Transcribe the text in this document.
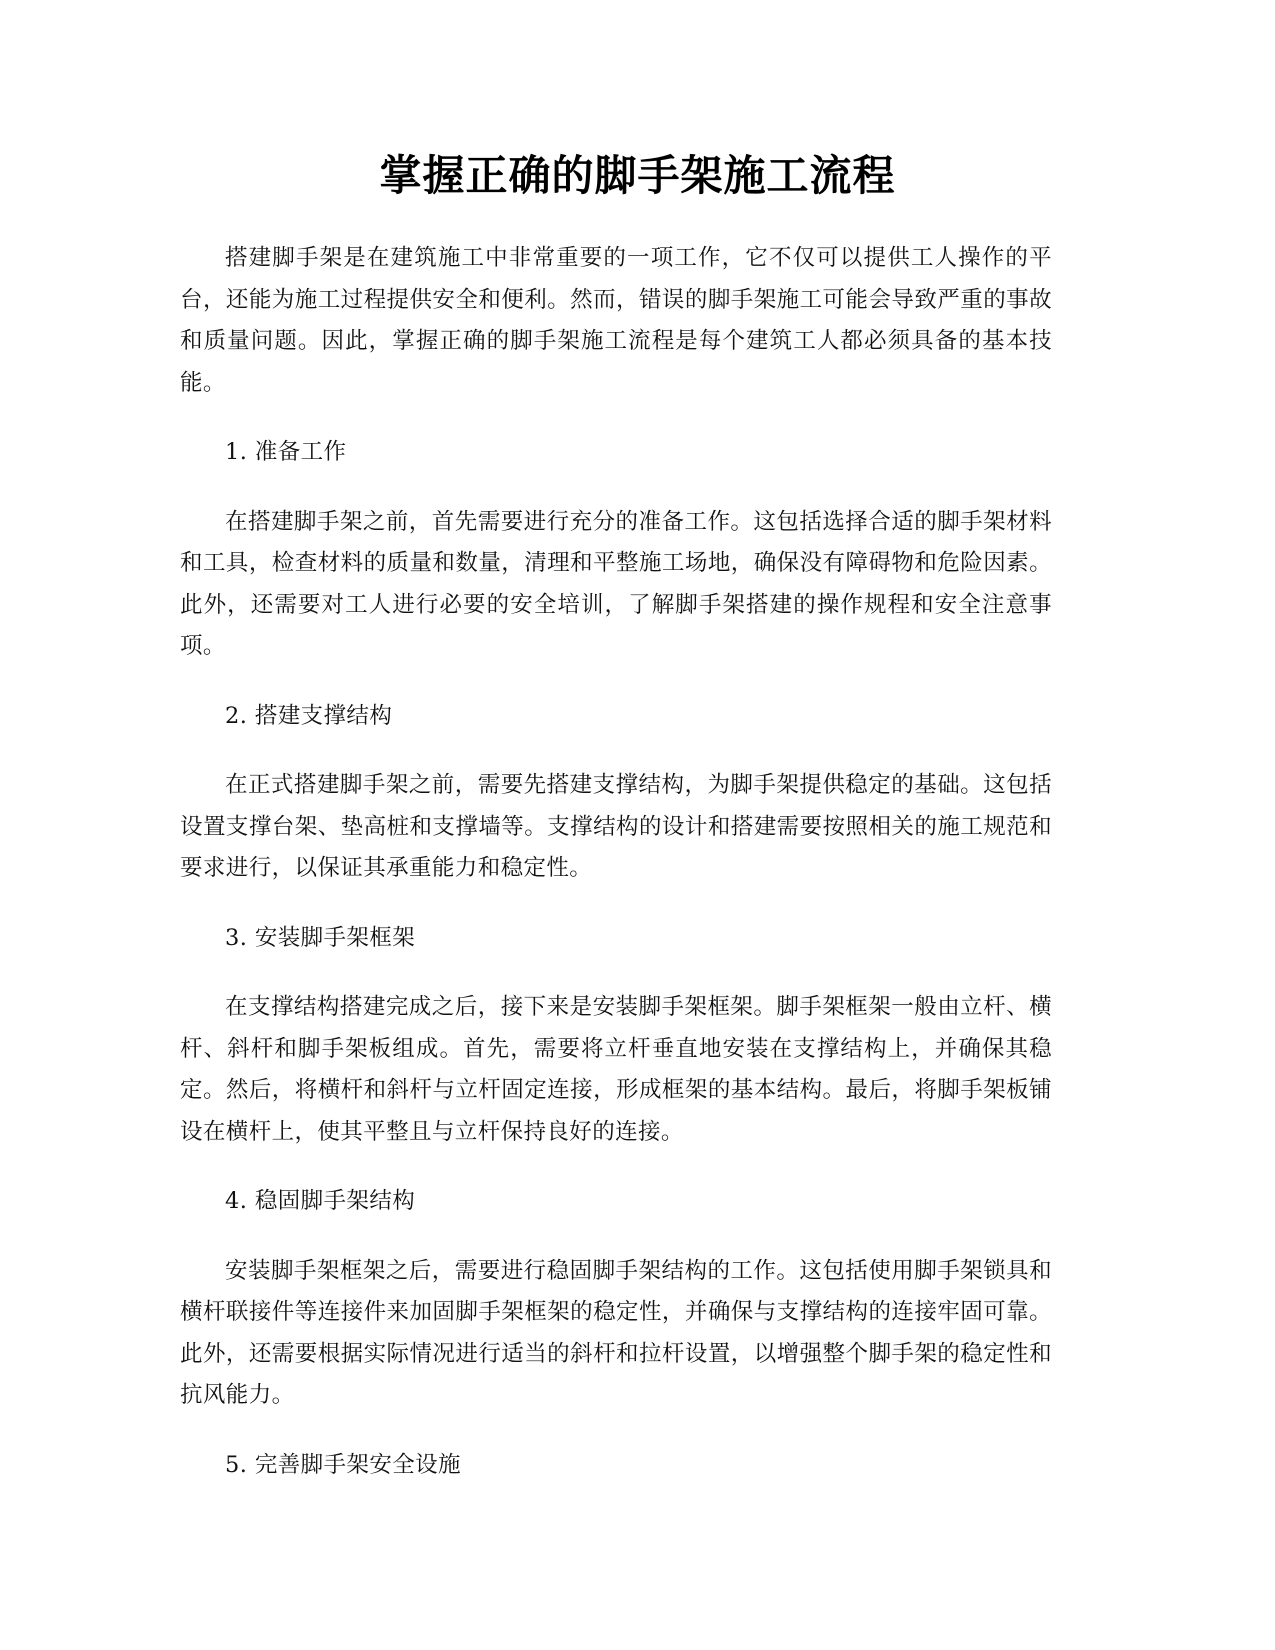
掌握正确的脚手架施工流程

搭建脚手架是在建筑施工中非常重要的一项工作，它不仅可以提供工人操作的平台，还能为施工过程提供安全和便利。然而，错误的脚手架施工可能会导致严重的事故和质量问题。因此，掌握正确的脚手架施工流程是每个建筑工人都必须具备的基本技能。

1. 准备工作

在搭建脚手架之前，首先需要进行充分的准备工作。这包括选择合适的脚手架材料和工具，检查材料的质量和数量，清理和平整施工场地，确保没有障碍物和危险因素。此外，还需要对工人进行必要的安全培训，了解脚手架搭建的操作规程和安全注意事项。

2. 搭建支撑结构

在正式搭建脚手架之前，需要先搭建支撑结构，为脚手架提供稳定的基础。这包括设置支撑台架、垫高桩和支撑墙等。支撑结构的设计和搭建需要按照相关的施工规范和要求进行，以保证其承重能力和稳定性。

3. 安装脚手架框架

在支撑结构搭建完成之后，接下来是安装脚手架框架。脚手架框架一般由立杆、横杆、斜杆和脚手架板组成。首先，需要将立杆垂直地安装在支撑结构上，并确保其稳定。然后，将横杆和斜杆与立杆固定连接，形成框架的基本结构。最后，将脚手架板铺设在横杆上，使其平整且与立杆保持良好的连接。

4. 稳固脚手架结构

安装脚手架框架之后，需要进行稳固脚手架结构的工作。这包括使用脚手架锁具和横杆联接件等连接件来加固脚手架框架的稳定性，并确保与支撑结构的连接牢固可靠。此外，还需要根据实际情况进行适当的斜杆和拉杆设置，以增强整个脚手架的稳定性和抗风能力。

5. 完善脚手架安全设施
